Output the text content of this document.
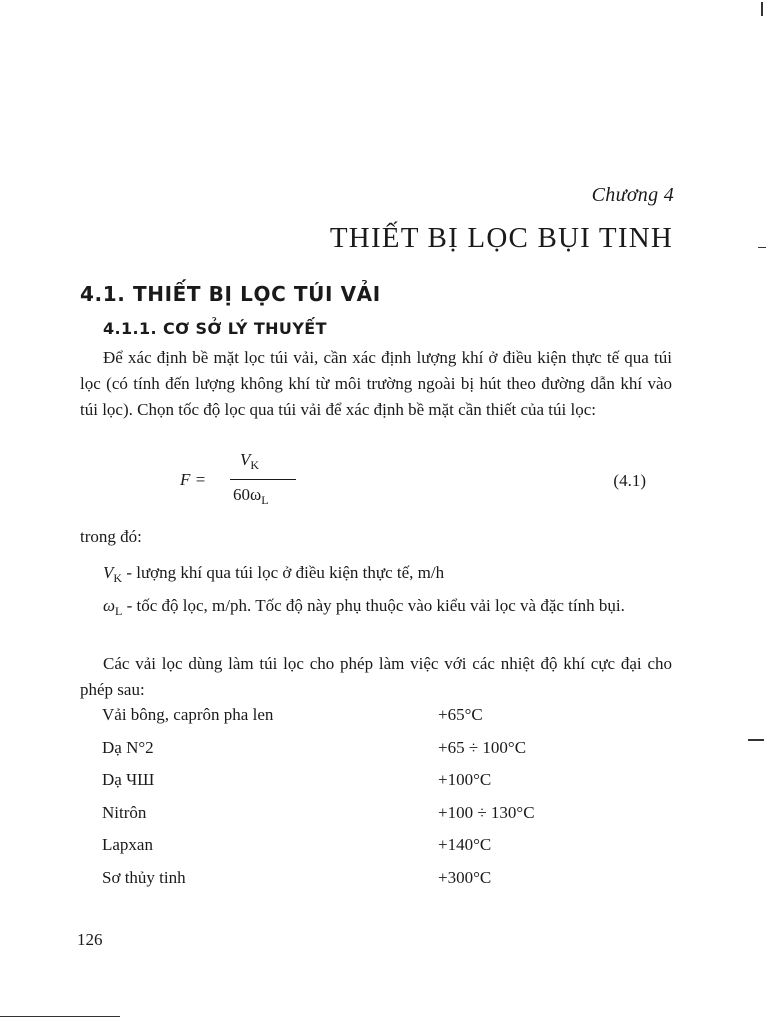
Chương 4
THIẾT BỊ LỌC BỤI TINH
4.1. THIẾT BỊ LỌC TÚI VẢI
4.1.1. CƠ SỞ LÝ THUYẾT
Để xác định bề mặt lọc túi vải, cần xác định lượng khí ở điều kiện thực tế qua túi lọc (có tính đến lượng không khí từ môi trường ngoài bị hút theo đường dẫn khí vào túi lọc). Chọn tốc độ lọc qua túi vải để xác định bề mặt cần thiết của túi lọc:
F =
$V_K$
$60\omega_L$
(4.1)
trong đó:
$V_K$ - lượng khí qua túi lọc ở điều kiện thực tế, m/h
$\omega_L$ - tốc độ lọc, m/ph. Tốc độ này phụ thuộc vào kiểu vải lọc và đặc tính bụi.
Các vải lọc dùng làm túi lọc cho phép làm việc với các nhiệt độ khí cực đại cho phép sau:
Vải bông, caprôn pha len	+65°C
Dạ N°2	+65 ÷ 100°C
Dạ ЧШ	+100°C
Nitrôn	+100 ÷ 130°C
Lapxan	+140°C
Sơ thủy tinh	+300°C
126
